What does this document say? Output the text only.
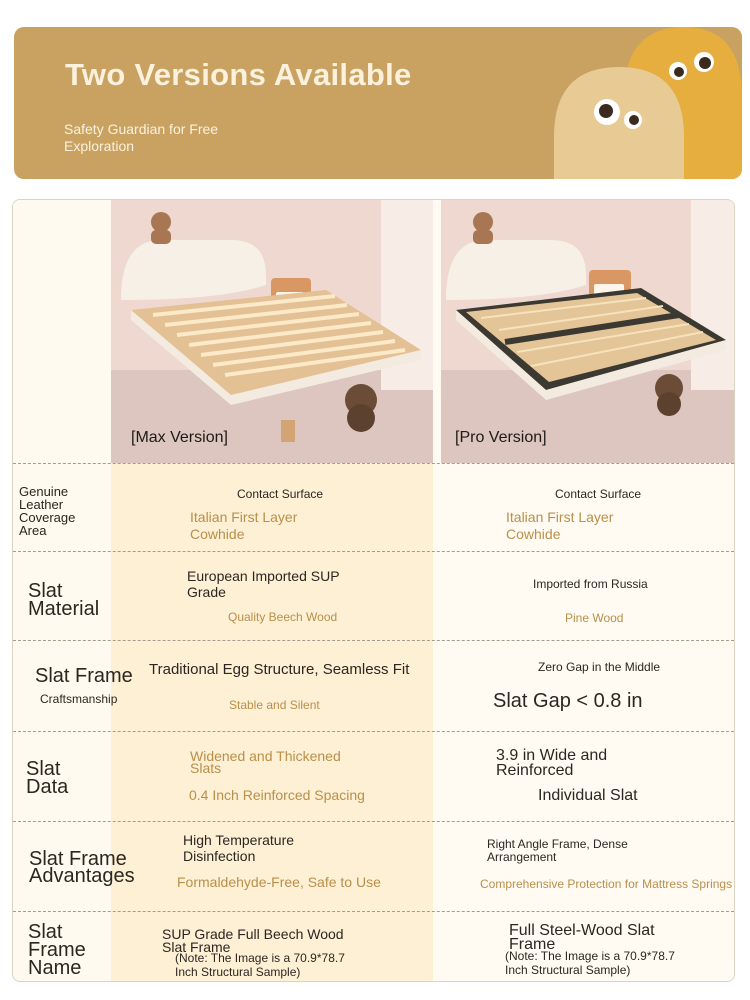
Two Versions Available
Safety Guardian for Free Exploration
[Max Version]	[Pro Version]
Genuine Leather Coverage Area
Contact Surface
Italian First Layer Cowhide
Contact Surface
Italian First Layer Cowhide
Slat Material
European Imported SUP Grade
Quality Beech Wood
Imported from Russia
Pine Wood
Slat Frame
Craftsmanship
Traditional Egg Structure, Seamless Fit
Stable and Silent
Zero Gap in the Middle
Slat Gap < 0.8 in
Slat Data
Widened and Thickened Slats
0.4 Inch Reinforced Spacing
3.9 in Wide and Reinforced
Individual Slat
Slat Frame Advantages
High Temperature Disinfection
Formaldehyde-Free, Safe to Use
Right Angle Frame, Dense Arrangement
Comprehensive Protection for Mattress Springs
Slat Frame Name
SUP Grade Full Beech Wood Slat Frame
(Note: The Image is a 70.9*78.7 Inch Structural Sample)
Full Steel-Wood Slat Frame
(Note: The Image is a 70.9*78.7 Inch Structural Sample)
